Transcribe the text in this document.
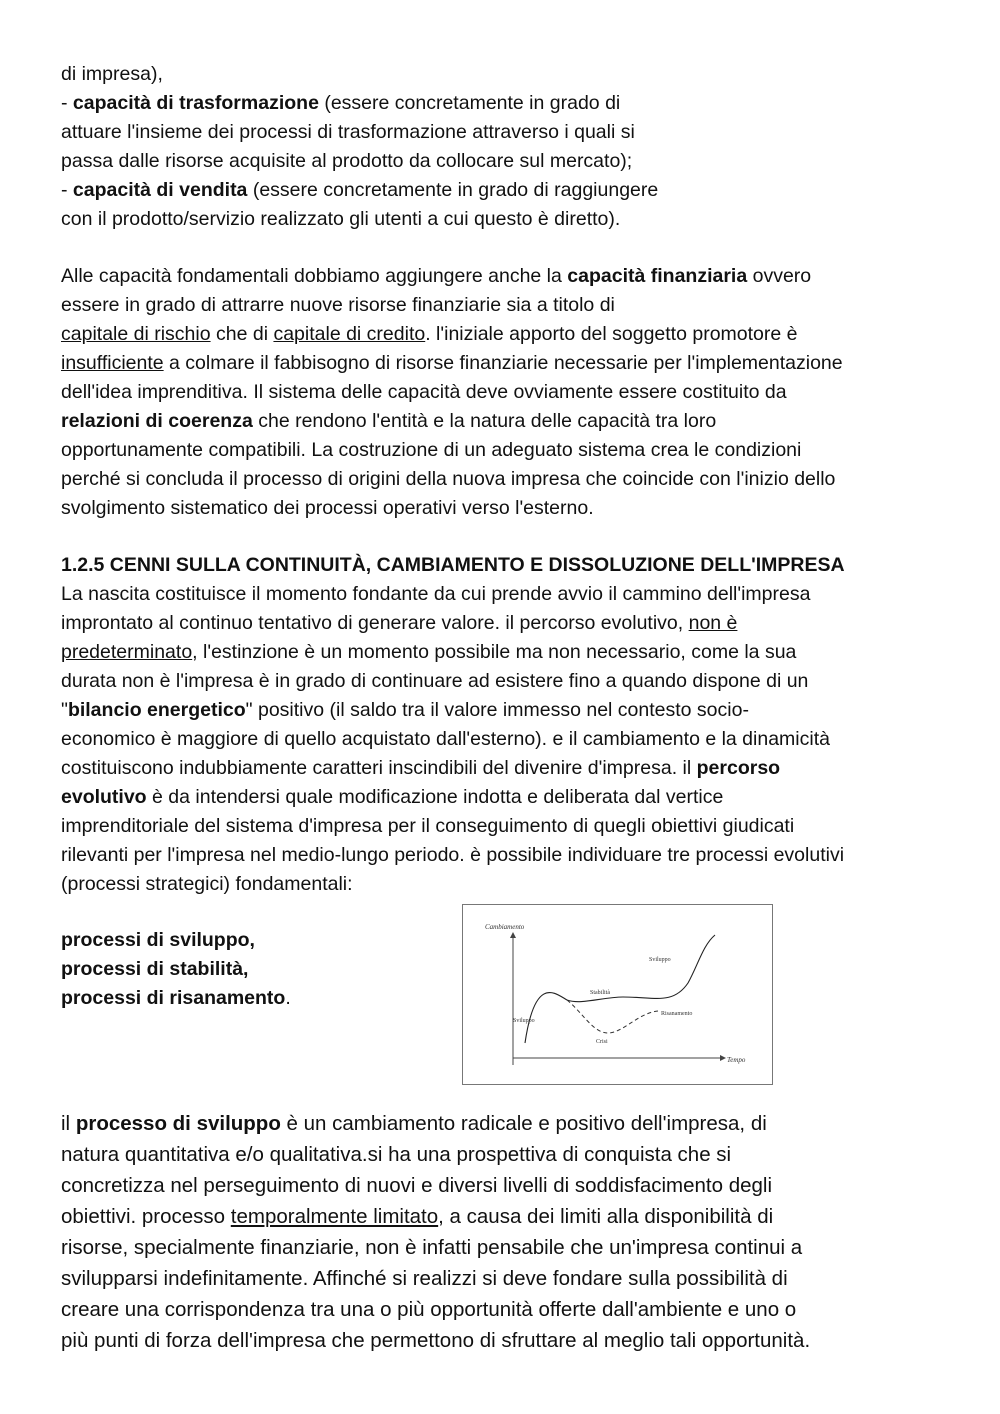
di impresa),
- capacità di trasformazione (essere concretamente in grado di
attuare l'insieme dei processi di trasformazione attraverso i quali si
passa dalle risorse acquisite al prodotto da collocare sul mercato);
- capacità di vendita (essere concretamente in grado di raggiungere
con il prodotto/servizio realizzato gli utenti a cui questo è diretto).
Alle capacità fondamentali dobbiamo aggiungere anche la capacità finanziaria ovvero
essere in grado di attrarre nuove risorse finanziarie sia a titolo di
capitale di rischio che di capitale di credito. l'iniziale apporto del soggetto promotore è
insufficiente a colmare il fabbisogno di risorse finanziarie necessarie per l'implementazione
dell'idea imprenditiva. Il sistema delle capacità deve ovviamente essere costituito da
relazioni di coerenza che rendono l'entità e la natura delle capacità tra loro
opportunamente compatibili. La costruzione di un adeguato sistema crea le condizioni
perché si concluda il processo di origini della nuova impresa che coincide con l'inizio dello
svolgimento sistematico dei processi operativi verso l'esterno.
1.2.5 CENNI SULLA CONTINUITÀ, CAMBIAMENTO E DISSOLUZIONE DELL'IMPRESA
La nascita costituisce il momento fondante da cui prende avvio il cammino dell'impresa
improntato al continuo tentativo di generare valore. il percorso evolutivo, non è
predeterminato, l'estinzione è un momento possibile ma non necessario, come la sua
durata non è l'impresa è in grado di continuare ad esistere fino a quando dispone di un
"bilancio energetico" positivo (il saldo tra il valore immesso nel contesto socio-
economico è maggiore di quello acquistato dall'esterno). e il cambiamento e la dinamicità
costituiscono indubbiamente caratteri inscindibili del divenire d'impresa. il percorso
evolutivo è da intendersi quale modificazione indotta e deliberata dal vertice
imprenditoriale del sistema d'impresa per il conseguimento di quegli obiettivi giudicati
rilevanti per l'impresa nel medio-lungo periodo. è possibile individuare tre processi evolutivi
(processi strategici) fondamentali:
processi di sviluppo,
processi di stabilità,
processi di risanamento.
Cambiamento
Tempo
Sviluppo
Stabilità
Sviluppo
Risanamento
Crisi
il processo di sviluppo è un cambiamento radicale e positivo dell'impresa, di
natura quantitativa e/o qualitativa.si ha una prospettiva di conquista che si
concretizza nel perseguimento di nuovi e diversi livelli di soddisfacimento degli
obiettivi. processo temporalmente limitato, a causa dei limiti alla disponibilità di
risorse, specialmente finanziarie, non è infatti pensabile che un'impresa continui a
svilupparsi indefinitamente. Affinché si realizzi si deve fondare sulla possibilità di
creare una corrispondenza tra una o più opportunità offerte dall'ambiente e uno o
più punti di forza dell'impresa che permettono di sfruttare al meglio tali opportunità.
